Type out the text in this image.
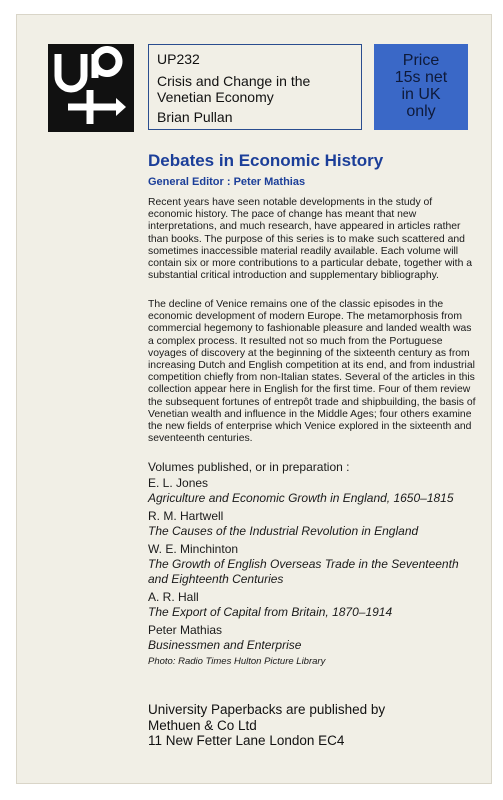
UP232
Crisis and Change in the
Venetian Economy
Brian Pullan
Price
15s net
in UK
only
Debates in Economic History
General Editor : Peter Mathias
Recent years have seen notable developments in the study of economic history. The pace of change has meant that new interpretations, and much research, have appeared in articles rather than books. The purpose of this series is to make such scattered and sometimes inaccessible material readily available. Each volume will contain six or more contributions to a particular debate, together with a substantial critical introduction and supplementary bibliography.
The decline of Venice remains one of the classic episodes in the economic development of modern Europe. The metamorphosis from commercial hegemony to fashionable pleasure and landed wealth was a complex process. It resulted not so much from the Portuguese voyages of discovery at the beginning of the sixteenth century as from increasing Dutch and English competition at its end, and from industrial competition chiefly from non-Italian states. Several of the articles in this collection appear here in English for the first time. Four of them review the subsequent fortunes of entrepôt trade and shipbuilding, the basis of Venetian wealth and influence in the Middle Ages; four others examine the new fields of enterprise which Venice explored in the sixteenth and seventeenth centuries.
Volumes published, or in preparation :
E. L. Jones
Agriculture and Economic Growth in England, 1650–1815
R. M. Hartwell
The Causes of the Industrial Revolution in England
W. E. Minchinton
The Growth of English Overseas Trade in the Seventeenth and Eighteenth Centuries
A. R. Hall
The Export of Capital from Britain, 1870–1914
Peter Mathias
Businessmen and Enterprise
Photo: Radio Times Hulton Picture Library
University Paperbacks are published by
Methuen & Co Ltd
11 New Fetter Lane London EC4
